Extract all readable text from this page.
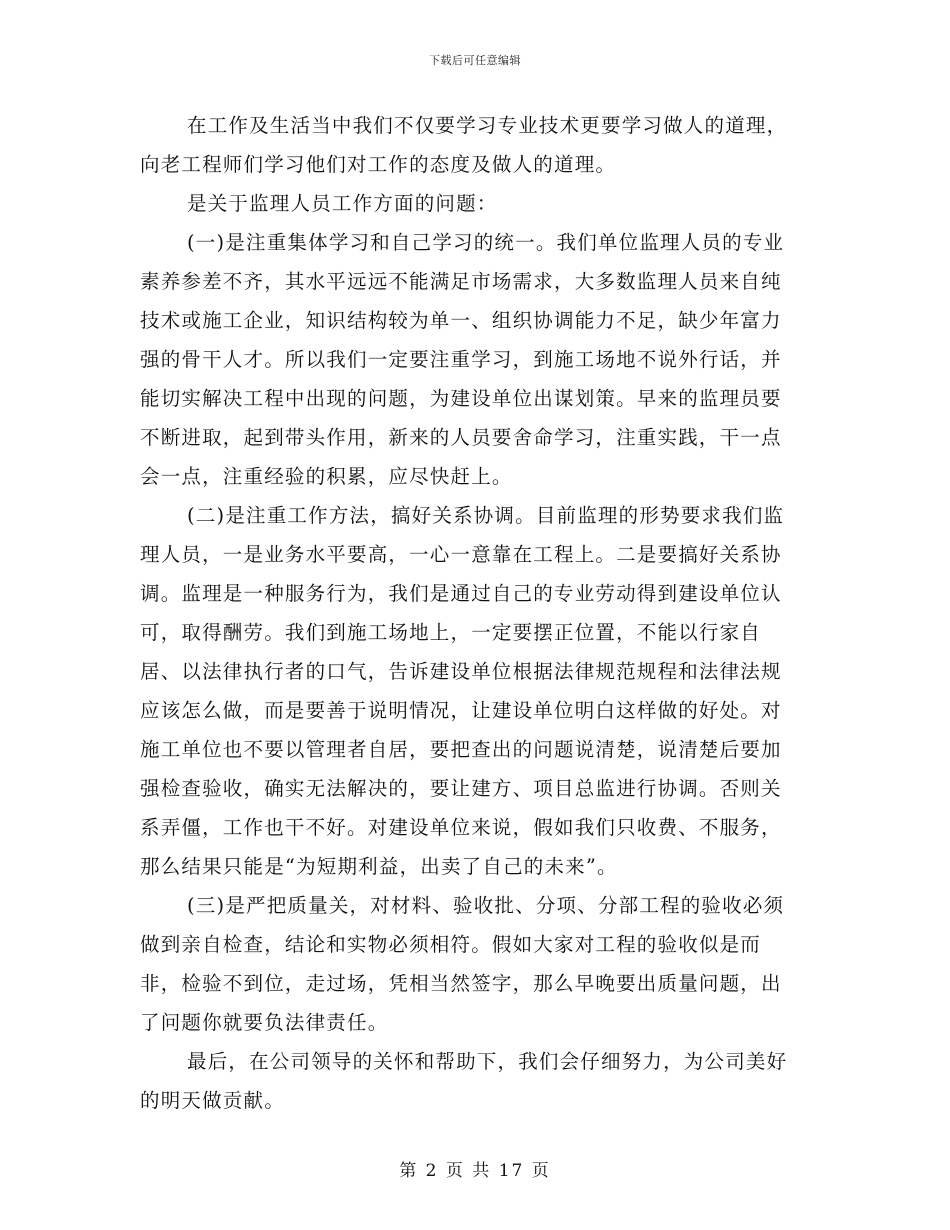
下载后可任意编辑

在工作及生活当中我们不仅要学习专业技术更要学习做人的道理，向老工程师们学习他们对工作的态度及做人的道理。

是关于监理人员工作方面的问题：

(一)是注重集体学习和自己学习的统一。我们单位监理人员的专业素养参差不齐，其水平远远不能满足市场需求，大多数监理人员来自纯技术或施工企业，知识结构较为单一、组织协调能力不足，缺少年富力强的骨干人才。所以我们一定要注重学习，到施工场地不说外行话，并能切实解决工程中出现的问题，为建设单位出谋划策。早来的监理员要不断进取，起到带头作用，新来的人员要舍命学习，注重实践，干一点会一点，注重经验的积累，应尽快赶上。

(二)是注重工作方法，搞好关系协调。目前监理的形势要求我们监理人员，一是业务水平要高，一心一意靠在工程上。二是要搞好关系协调。监理是一种服务行为，我们是通过自己的专业劳动得到建设单位认可，取得酬劳。我们到施工场地上，一定要摆正位置，不能以行家自居、以法律执行者的口气，告诉建设单位根据法律规范规程和法律法规应该怎么做，而是要善于说明情况，让建设单位明白这样做的好处。对施工单位也不要以管理者自居，要把查出的问题说清楚，说清楚后要加强检查验收，确实无法解决的，要让建方、项目总监进行协调。否则关系弄僵，工作也干不好。对建设单位来说，假如我们只收费、不服务，那么结果只能是“为短期利益，出卖了自己的未来”。

(三)是严把质量关，对材料、验收批、分项、分部工程的验收必须做到亲自检查，结论和实物必须相符。假如大家对工程的验收似是而非，检验不到位，走过场，凭相当然签字，那么早晚要出质量问题，出了问题你就要负法律责任。

最后，在公司领导的关怀和帮助下，我们会仔细努力，为公司美好的明天做贡献。

第 2 页 共 17 页
